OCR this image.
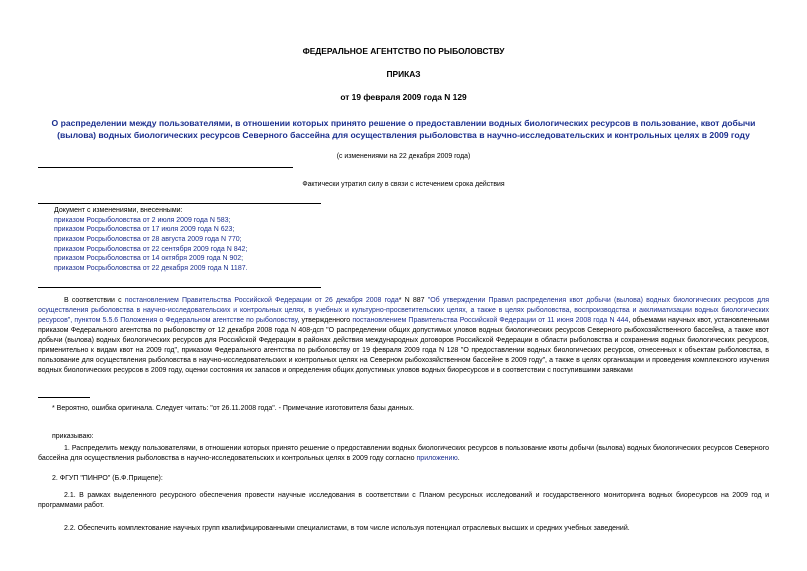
ФЕДЕРАЛЬНОЕ АГЕНТСТВО ПО РЫБОЛОВСТВУ
ПРИКАЗ
от 19 февраля 2009 года N 129
О распределении между пользователями, в отношении которых принято решение о предоставлении водных биологических ресурсов в пользование, квот добычи (вылова) водных биологических ресурсов Северного бассейна для осуществления рыболовства в научно-исследовательских и контрольных целях в 2009 году
(с изменениями на 22 декабря 2009 года)
Фактически утратил силу в связи с истечением срока действия
Документ с изменениями, внесенными:
приказом Росрыболовства от 2 июля 2009 года N 583;
приказом Росрыболовства от 17 июля 2009 года N 623;
приказом Росрыболовства от 28 августа 2009 года N 770;
приказом Росрыболовства от 22 сентября 2009 года N 842;
приказом Росрыболовства от 14 октября 2009 года N 902;
приказом Росрыболовства от 22 декабря 2009 года N 1187.
В соответствии с постановлением Правительства Российской Федерации от 26 декабря 2008 года* N 887 "Об утверждении Правил распределения квот добычи (вылова) водных биологических ресурсов для осуществления рыболовства в научно-исследовательских и контрольных целях, в учебных и культурно-просветительских целях, а также в целях рыболовства, воспроизводства и акклиматизации водных биологических ресурсов", пунктом 5.5.6 Положения о Федеральном агентстве по рыболовству, утвержденного постановлением Правительства Российской Федерации от 11 июня 2008 года N 444, объемами научных квот, установленными приказом Федерального агентства по рыболовству от 12 декабря 2008 года N 408-дсп "О распределении общих допустимых уловов водных биологических ресурсов Северного рыбохозяйственного бассейна, а также квот добычи (вылова) водных биологических ресурсов для Российской Федерации в районах действия международных договоров Российской Федерации в области рыболовства и сохранения водных биологических ресурсов, применительно к видам квот на 2009 год", приказом Федерального агентства по рыболовству от 19 февраля 2009 года N 128 "О предоставлении водных биологических ресурсов, отнесенных к объектам рыболовства, в пользование для осуществления рыболовства в научно-исследовательских и контрольных целях на Северном рыбохозяйственном бассейне в 2009 году", а также в целях организации и проведения комплексного изучения водных биологических ресурсов в 2009 году, оценки состояния их запасов и определения общих допустимых уловов водных биоресурсов и в соответствии с поступившими заявками
* Вероятно, ошибка оригинала. Следует читать: "от 26.11.2008 года". - Примечание изготовителя базы данных.
приказываю:
1. Распределить между пользователями, в отношении которых принято решение о предоставлении водных биологических ресурсов в пользование квоты добычи (вылова) водных биологических ресурсов Северного бассейна для осуществления рыболовства в научно-исследовательских и контрольных целях в 2009 году согласно приложению.
2. ФГУП "ПИНРО" (Б.Ф.Прищепе):
2.1. В рамках выделенного ресурсного обеспечения провести научные исследования в соответствии с Планом ресурсных исследований и государственного мониторинга водных биоресурсов на 2009 год и программами работ.
2.2. Обеспечить комплектование научных групп квалифицированными специалистами, в том числе используя потенциал отраслевых высших и средних учебных заведений.
